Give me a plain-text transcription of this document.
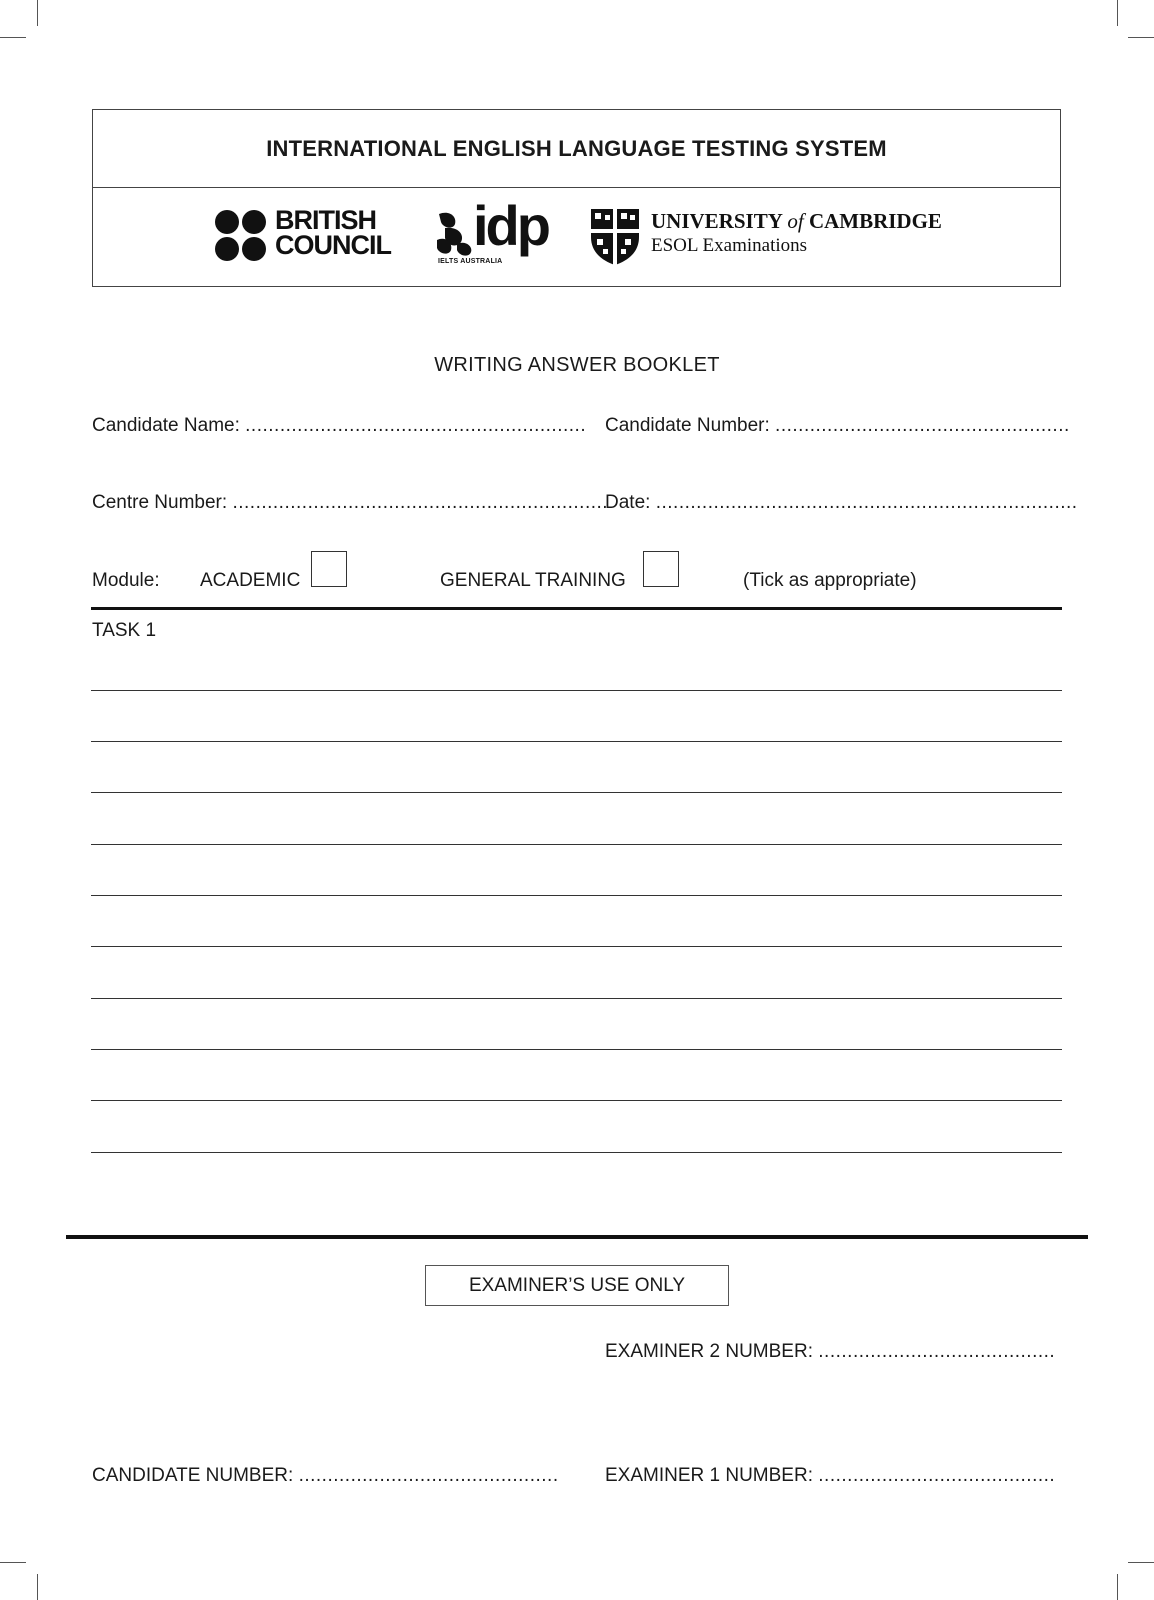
INTERNATIONAL ENGLISH LANGUAGE TESTING SYSTEM
BRITISH
COUNCIL idp
IELTS AUSTRALIA
UNIVERSITY of CAMBRIDGE
ESOL Examinations
WRITING ANSWER BOOKLET
Candidate Name: ........................................................... Candidate Number: ...................................................
Centre Number: .................................................................
Date: .........................................................................
Module: ACADEMIC	GENERAL TRAINING	(Tick as appropriate)
TASK 1
EXAMINER’S USE ONLY
EXAMINER 2 NUMBER: .........................................
CANDIDATE NUMBER: ............................................. EXAMINER 1 NUMBER: .........................................
